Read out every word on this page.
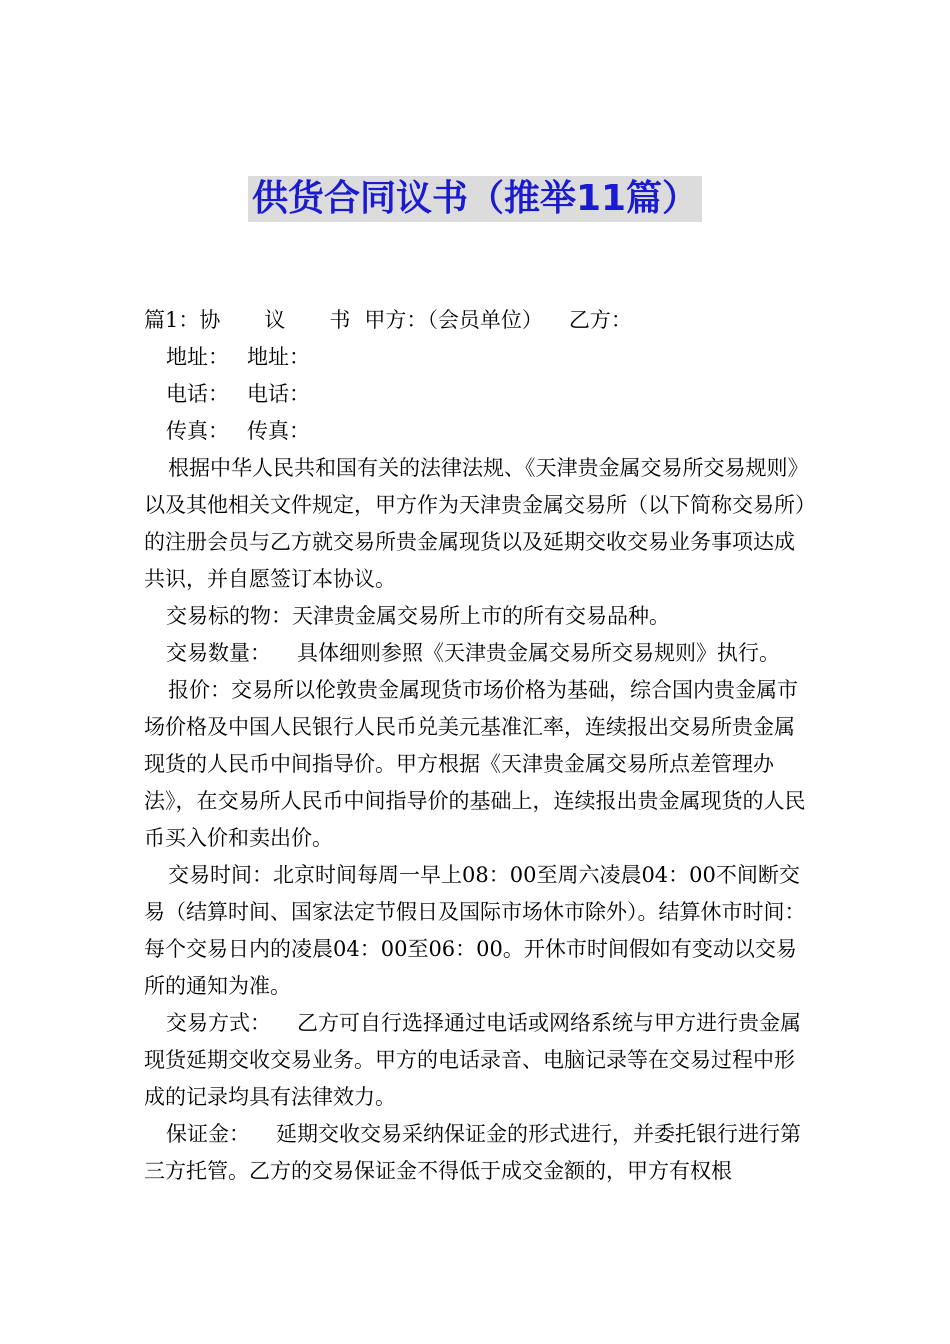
供货合同议书（推举11篇）

篇1：协 议 书 甲方：（会员单位） 乙方：

地址： 地址：

电话： 电话：

传真： 传真：

根据中华人民共和国有关的法律法规、《天津贵金属交易所交易规则》以及其他相关文件规定，甲方作为天津贵金属交易所（以下简称交易所）的注册会员与乙方就交易所贵金属现货以及延期交收交易业务事项达成共识，并自愿签订本协议。

交易标的物：天津贵金属交易所上市的所有交易品种。

交易数量： 具体细则参照《天津贵金属交易所交易规则》执行。

报价：交易所以伦敦贵金属现货市场价格为基础，综合国内贵金属市场价格及中国人民银行人民币兑美元基准汇率，连续报出交易所贵金属现货的人民币中间指导价。甲方根据《天津贵金属交易所点差管理办法》，在交易所人民币中间指导价的基础上，连续报出贵金属现货的人民币买入价和卖出价。

交易时间：北京时间每周一早上08：00至周六凌晨04：00不间断交易（结算时间、国家法定节假日及国际市场休市除外）。结算休市时间：每个交易日内的凌晨04：00至06：00。开休市时间假如有变动以交易所的通知为准。

交易方式： 乙方可自行选择通过电话或网络系统与甲方进行贵金属现货延期交收交易业务。甲方的电话录音、电脑记录等在交易过程中形成的记录均具有法律效力。

保证金： 延期交收交易采纳保证金的形式进行，并委托银行进行第三方托管。乙方的交易保证金不得低于成交金额的，甲方有权根
